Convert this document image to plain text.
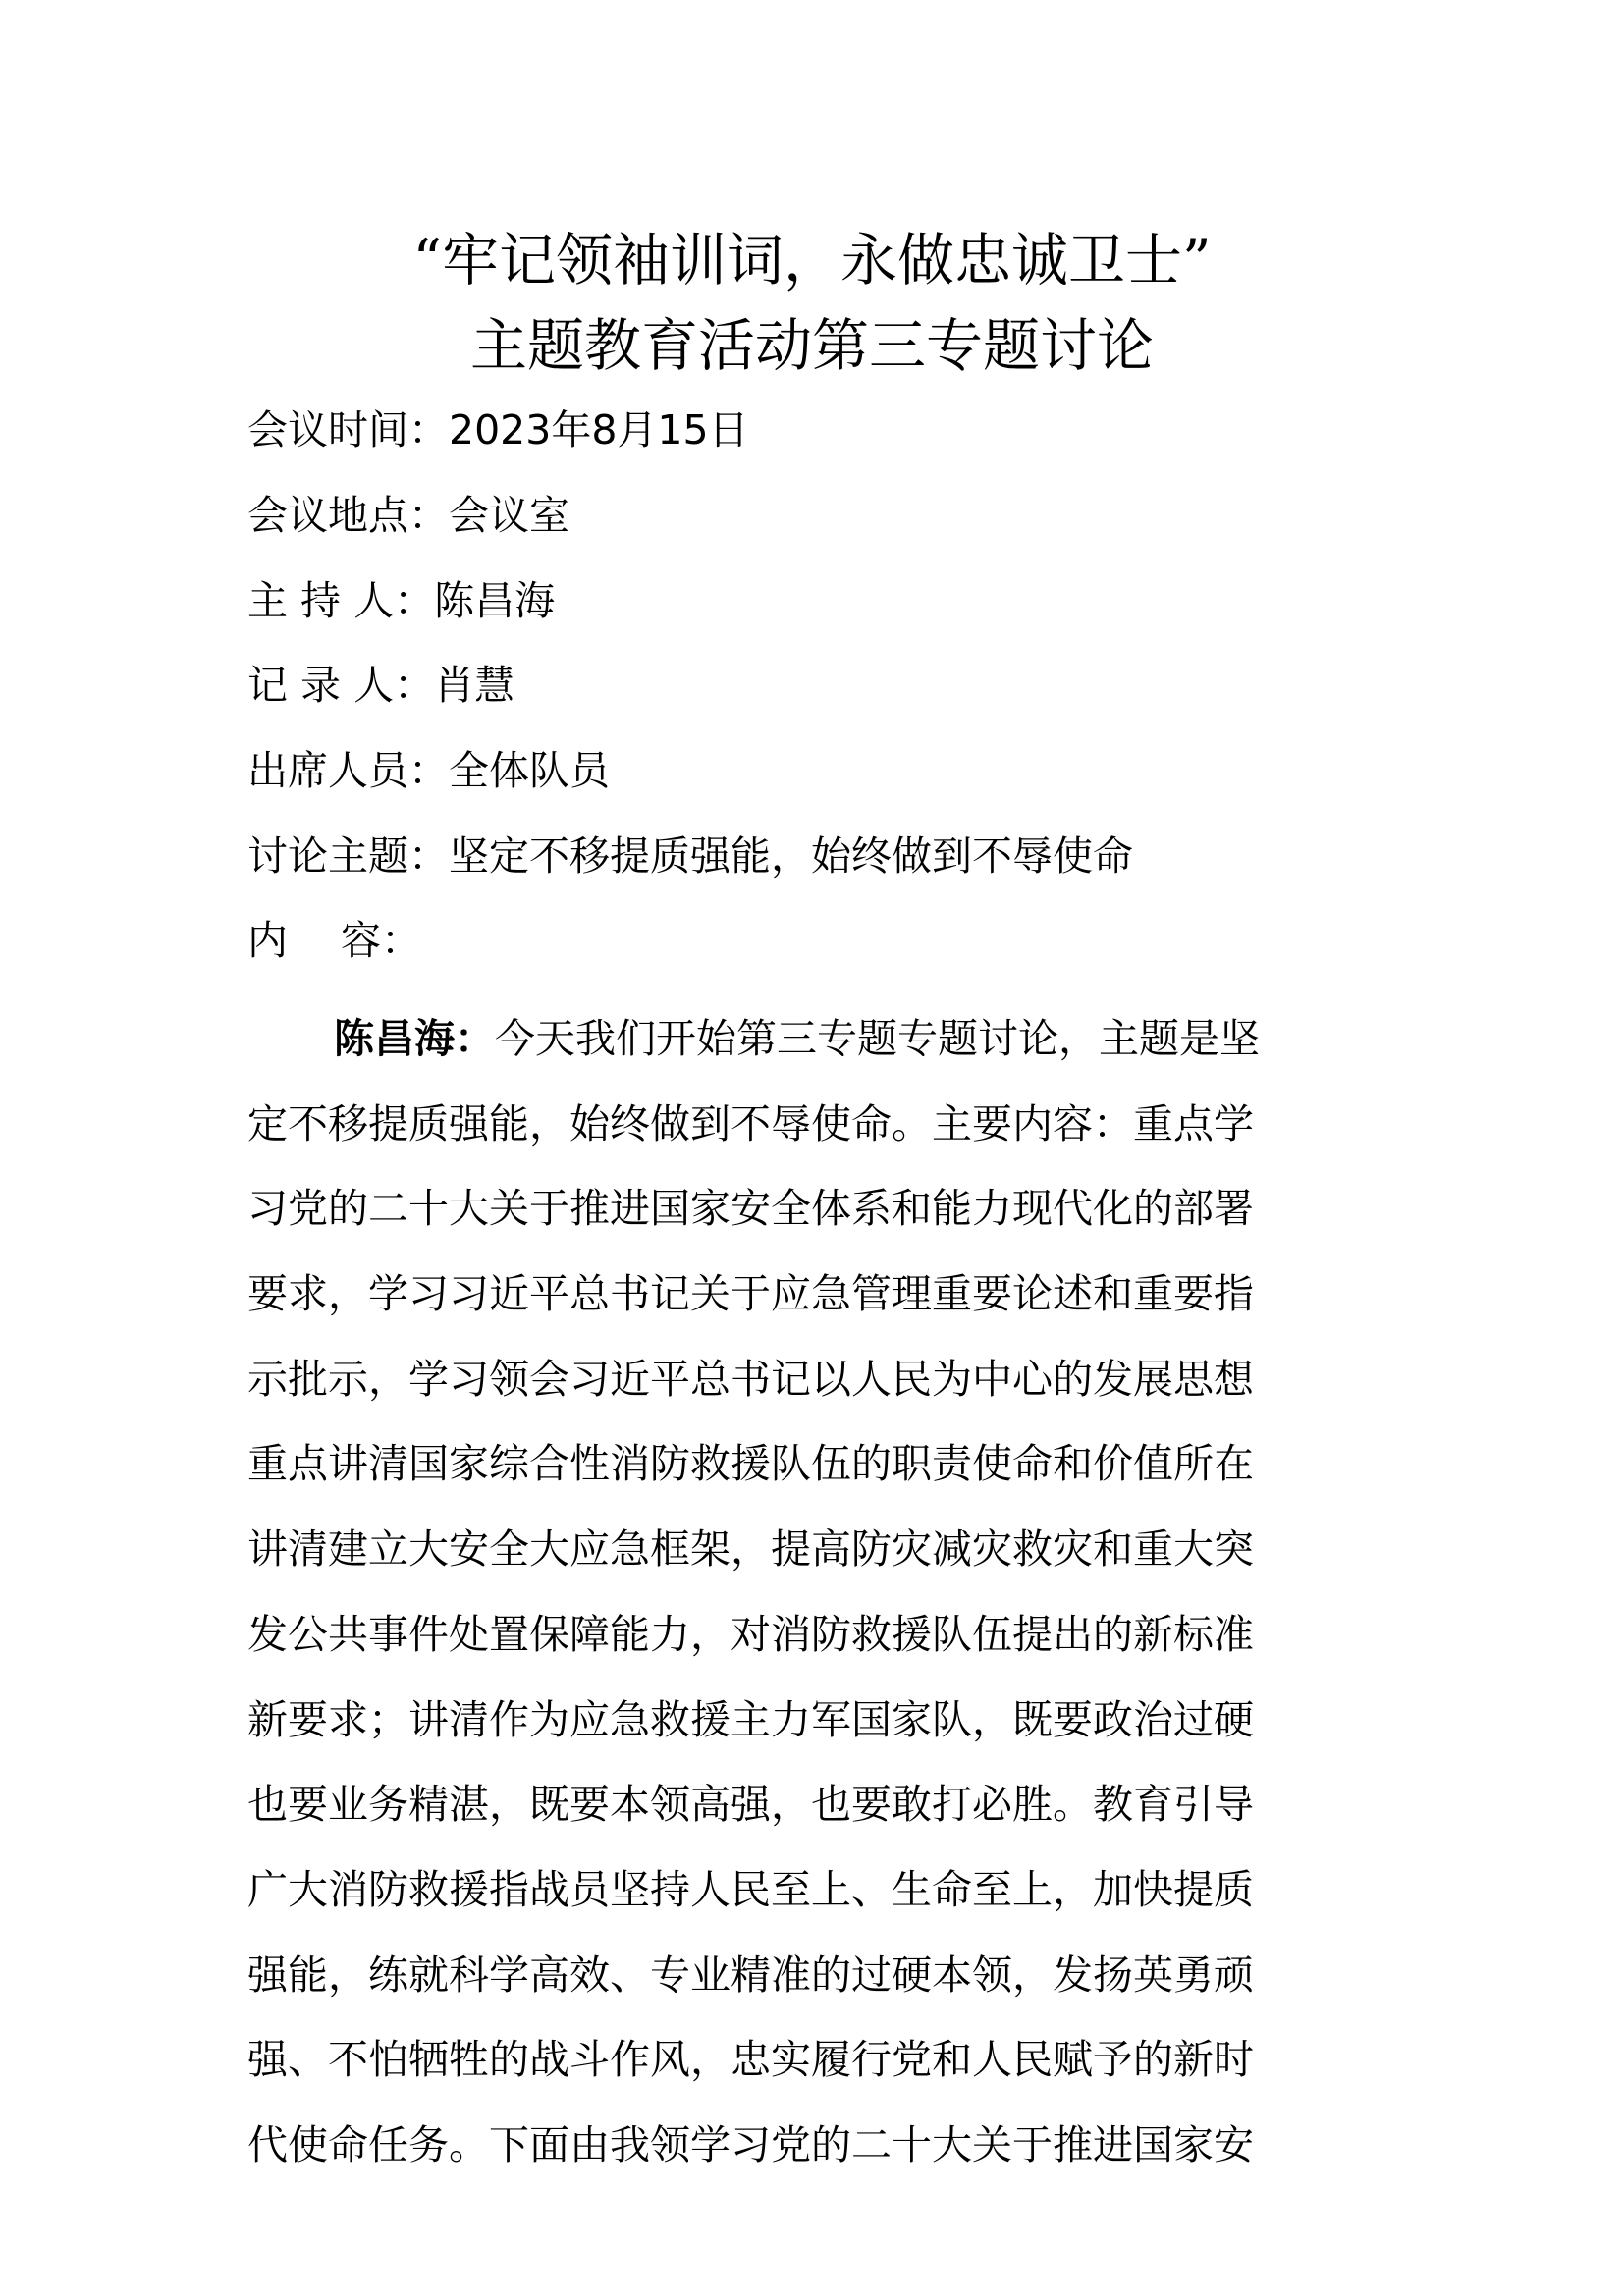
“牢记领袖训词，永做忠诚卫士”
主题教育活动第三专题讨论
会议时间：2023年8月15日
会议地点：会议室
主 持 人：陈昌海
记 录 人：肖慧
出席人员：全体队员
讨论主题：坚定不移提质强能，始终做到不辱使命
内　 容：
陈昌海：今天我们开始第三专题专题讨论，主题是坚
定不移提质强能，始终做到不辱使命。主要内容：重点学
习党的二十大关于推进国家安全体系和能力现代化的部署
要求，学习习近平总书记关于应急管理重要论述和重要指
示批示，学习领会习近平总书记以人民为中心的发展思想
重点讲清国家综合性消防救援队伍的职责使命和价值所在
讲清建立大安全大应急框架，提高防灾减灾救灾和重大突
发公共事件处置保障能力，对消防救援队伍提出的新标准
新要求；讲清作为应急救援主力军国家队，既要政治过硬
也要业务精湛，既要本领高强，也要敢打必胜。教育引导
广大消防救援指战员坚持人民至上、生命至上，加快提质
强能，练就科学高效、专业精准的过硬本领，发扬英勇顽
强、不怕牺牲的战斗作风，忠实履行党和人民赋予的新时
代使命任务。下面由我领学习党的二十大关于推进国家安
